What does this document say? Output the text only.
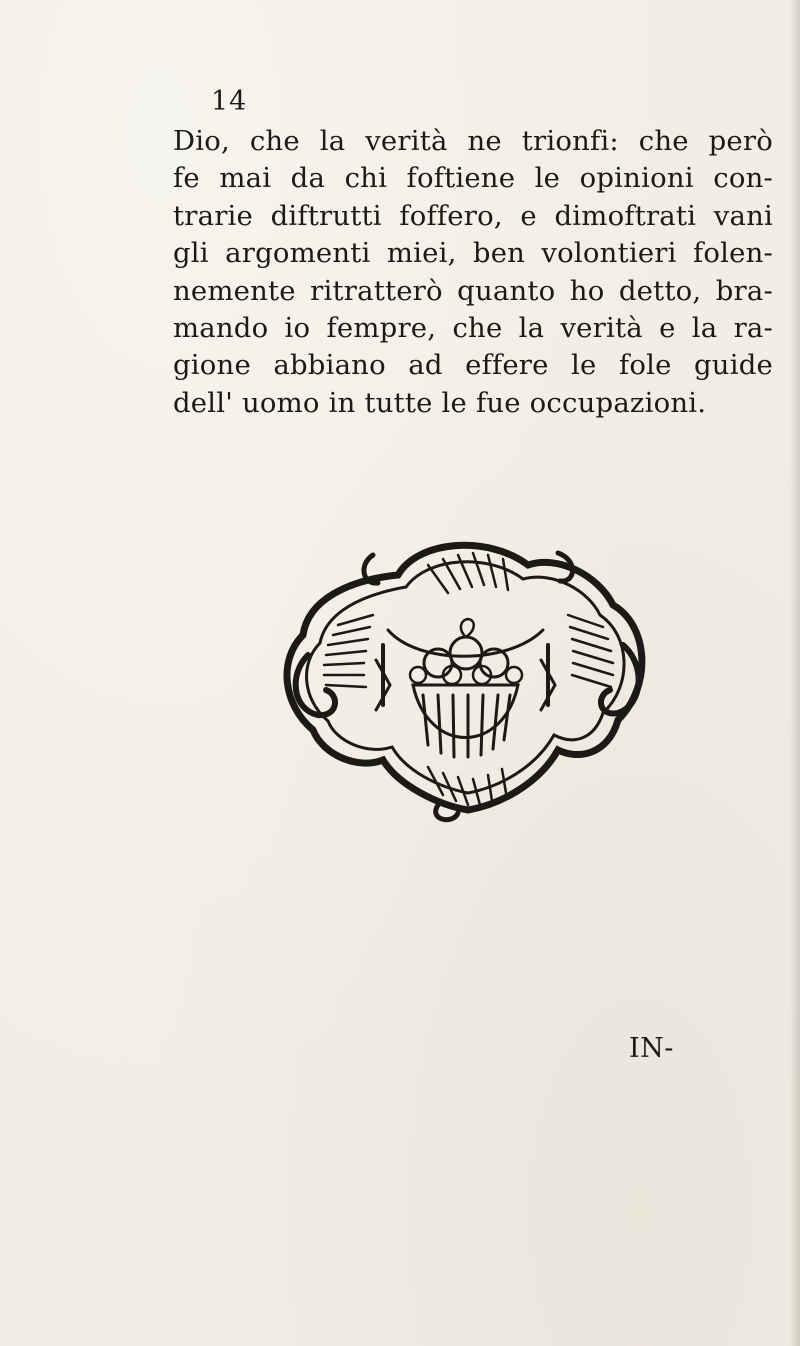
14
Dio, che la verità ne trionfi: che però
fe mai da chi foftiene le opinioni con-
trarie diftrutti foffero, e dimoftrati vani
gli argomenti miei, ben volontieri folen-
nemente ritratterò quanto ho detto, bra-
mando io fempre, che la verità e la ra-
gione abbiano ad effere le fole guide
dell' uomo in tutte le fue occupazioni.
IN-
